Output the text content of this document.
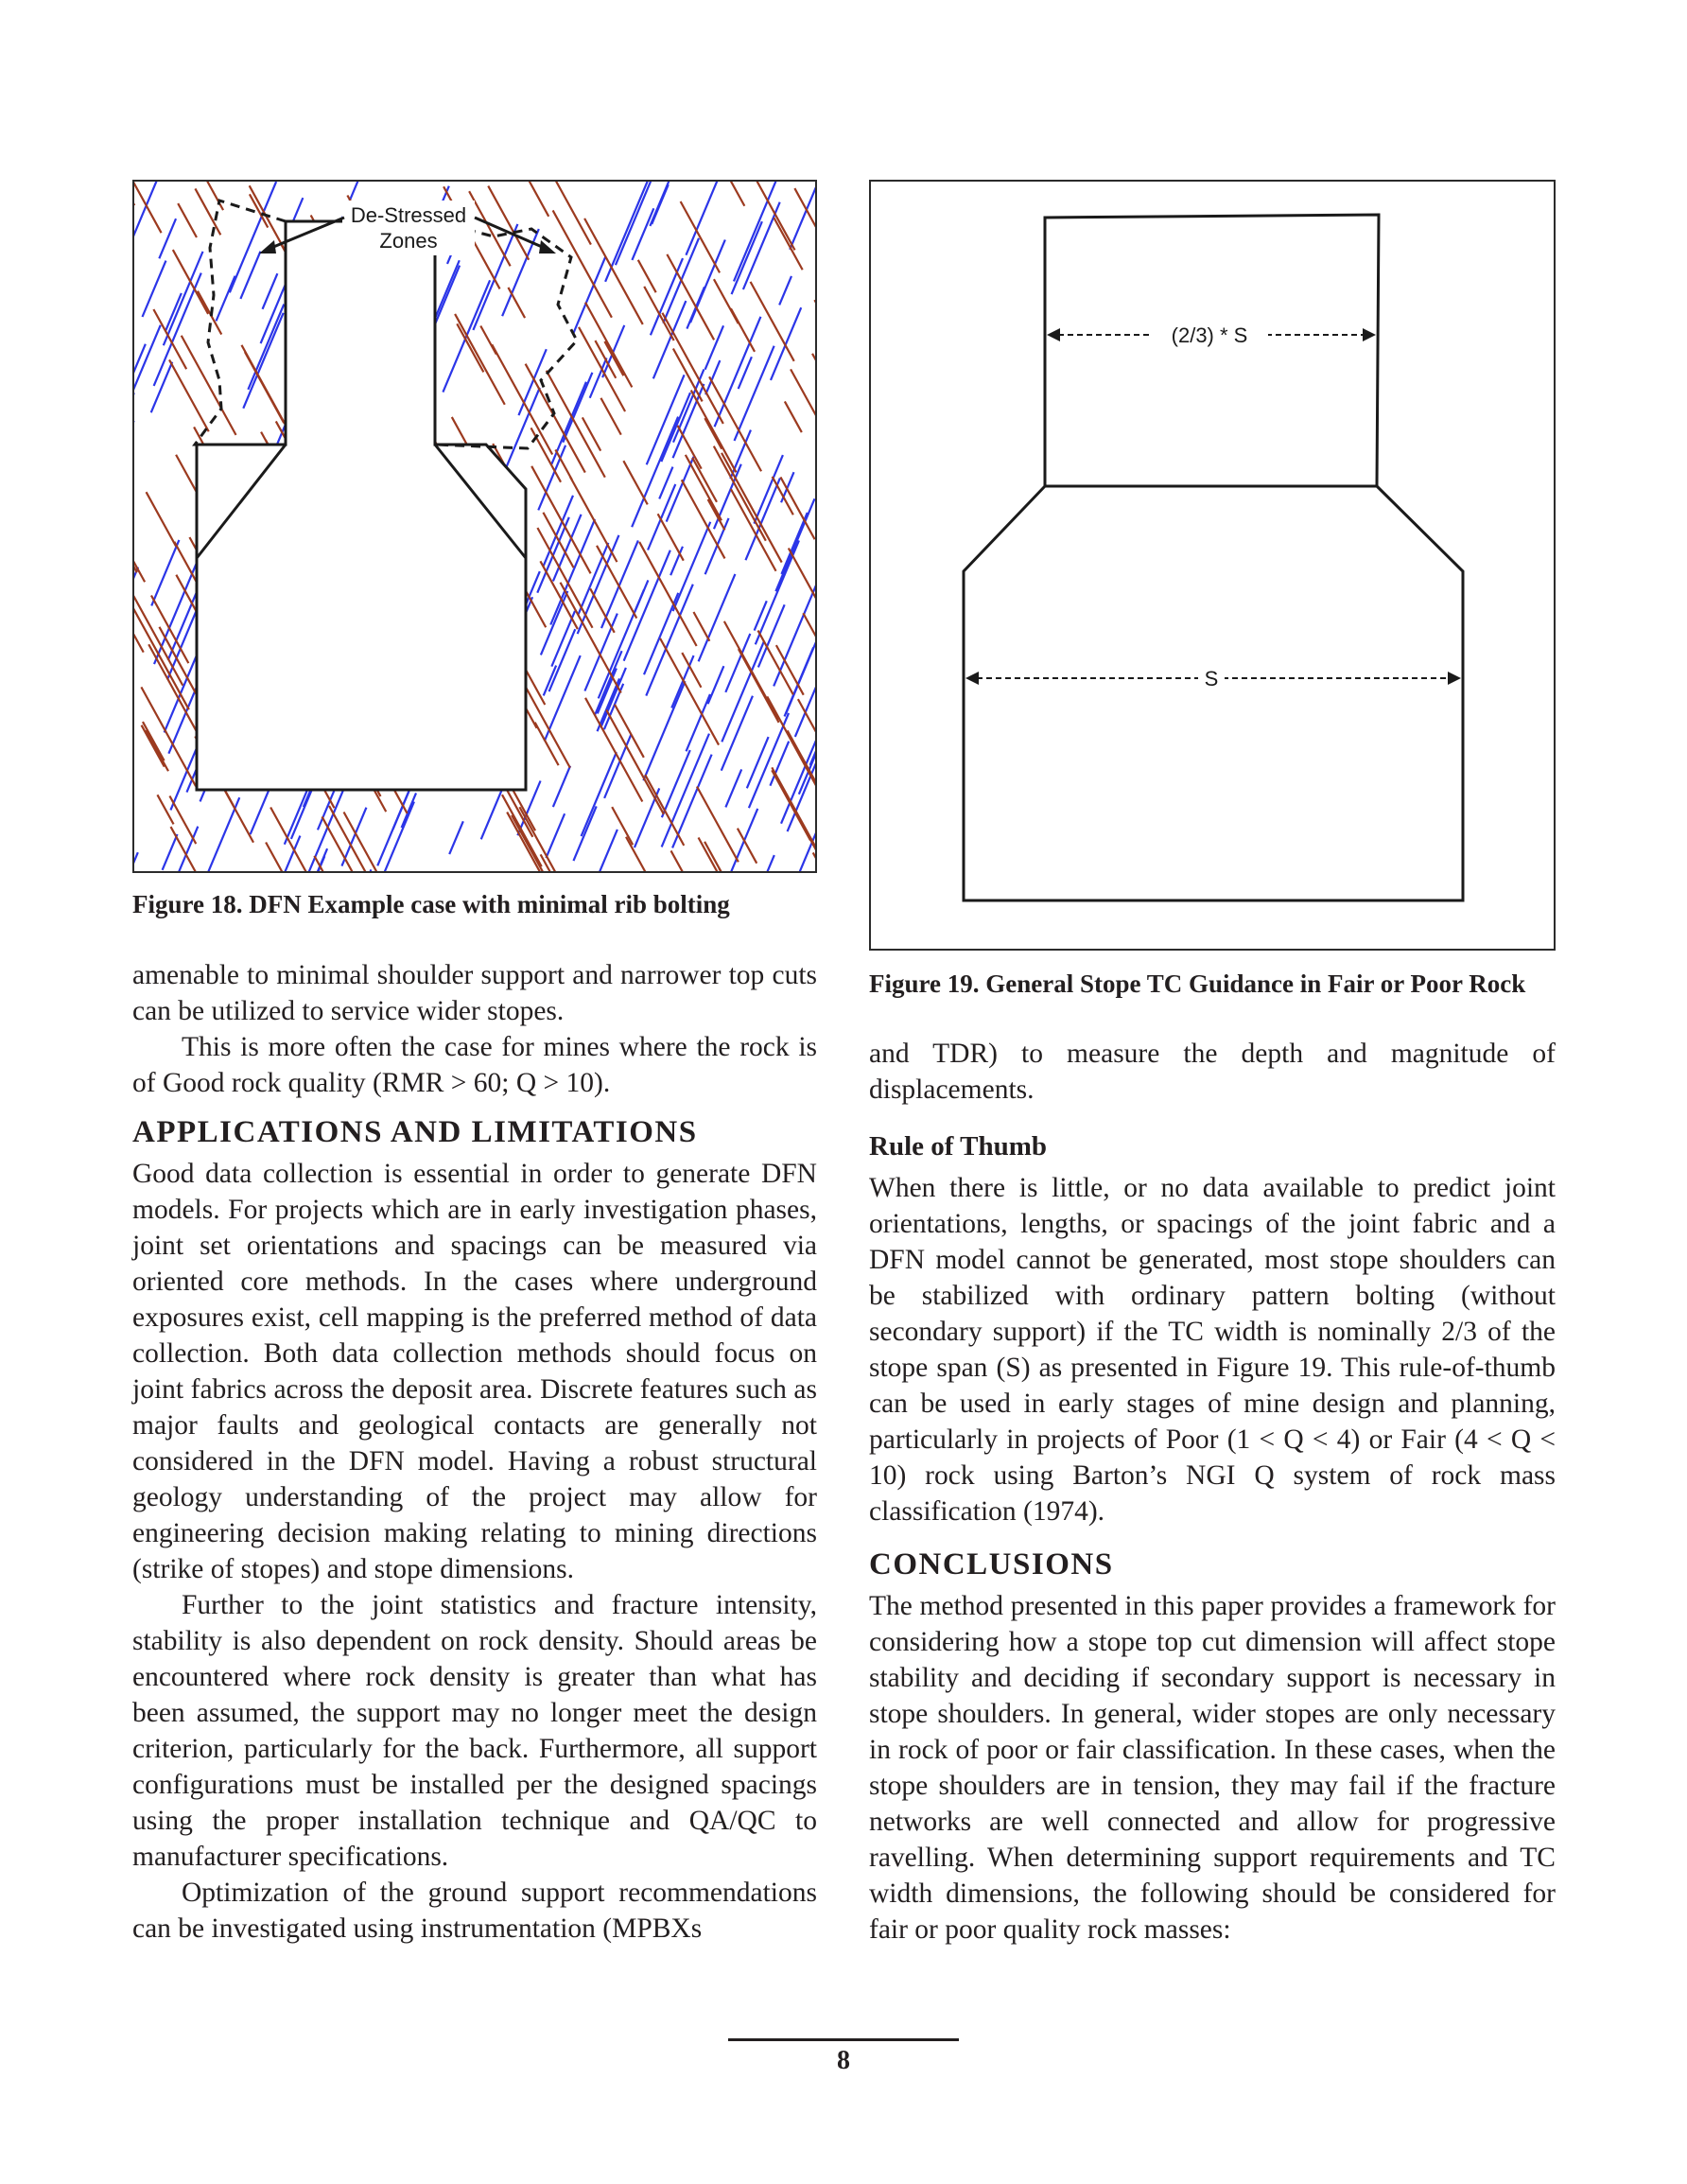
De-Stressed
Zones
Figure 18. DFN Example case with minimal rib bolting
(2/3) * S
S
Figure 19. General Stope TC Guidance in Fair or Poor Rock

amenable to minimal shoulder support and narrower top cuts can be utilized to service wider stopes.

This is more often the case for mines where the rock is of Good rock quality (RMR > 60; Q > 10).

APPLICATIONS AND LIMITATIONS

Good data collection is essential in order to generate DFN models. For projects which are in early investigation phases, joint set orientations and spacings can be measured via oriented core methods. In the cases where underground exposures exist, cell mapping is the preferred method of data collection. Both data collection methods should focus on joint fabrics across the deposit area. Discrete features such as major faults and geological contacts are generally not considered in the DFN model. Having a robust structural geology understanding of the project may allow for engineering decision making relating to mining directions (strike of stopes) and stope dimensions.

Further to the joint statistics and fracture intensity, stability is also dependent on rock density. Should areas be encountered where rock density is greater than what has been assumed, the support may no longer meet the design criterion, particularly for the back. Furthermore, all support configurations must be installed per the designed spacings using the proper installation technique and QA/QC to manufacturer specifications.

Optimization of the ground support recommendations can be investigated using instrumentation (MPBXs

and TDR) to measure the depth and magnitude of displacements.

Rule of Thumb

When there is little, or no data available to predict joint orientations, lengths, or spacings of the joint fabric and a DFN model cannot be generated, most stope shoulders can be stabilized with ordinary pattern bolting (without secondary support) if the TC width is nominally 2/3 of the stope span (S) as presented in Figure 19. This rule-of-thumb can be used in early stages of mine design and planning, particularly in projects of Poor (1 < Q < 4) or Fair (4 < Q < 10) rock using Barton’s NGI Q system of rock mass classification (1974).

CONCLUSIONS

The method presented in this paper provides a framework for considering how a stope top cut dimension will affect stope stability and deciding if secondary support is necessary in stope shoulders. In general, wider stopes are only necessary in rock of poor or fair classification. In these cases, when the stope shoulders are in tension, they may fail if the fracture networks are well connected and allow for progressive ravelling. When determining support requirements and TC width dimensions, the following should be considered for fair or poor quality rock masses:

8
